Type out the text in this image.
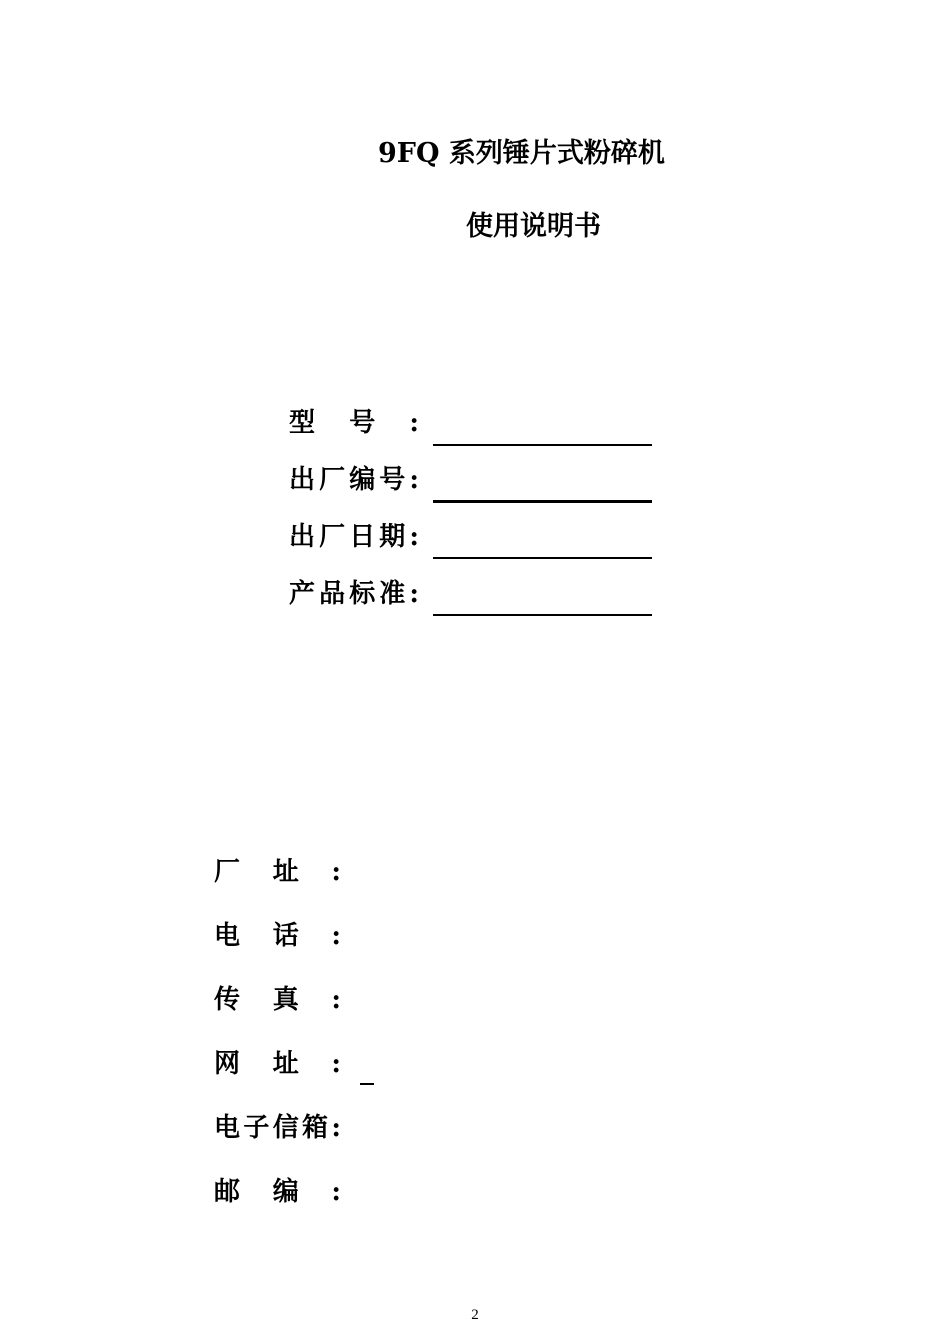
9FQ 系列锤片式粉碎机
使用说明书
型号:
出厂编号:
出厂日期:
产品标准:
厂址:
电话:
传真:
网址:
电子信箱:
邮编:
2
